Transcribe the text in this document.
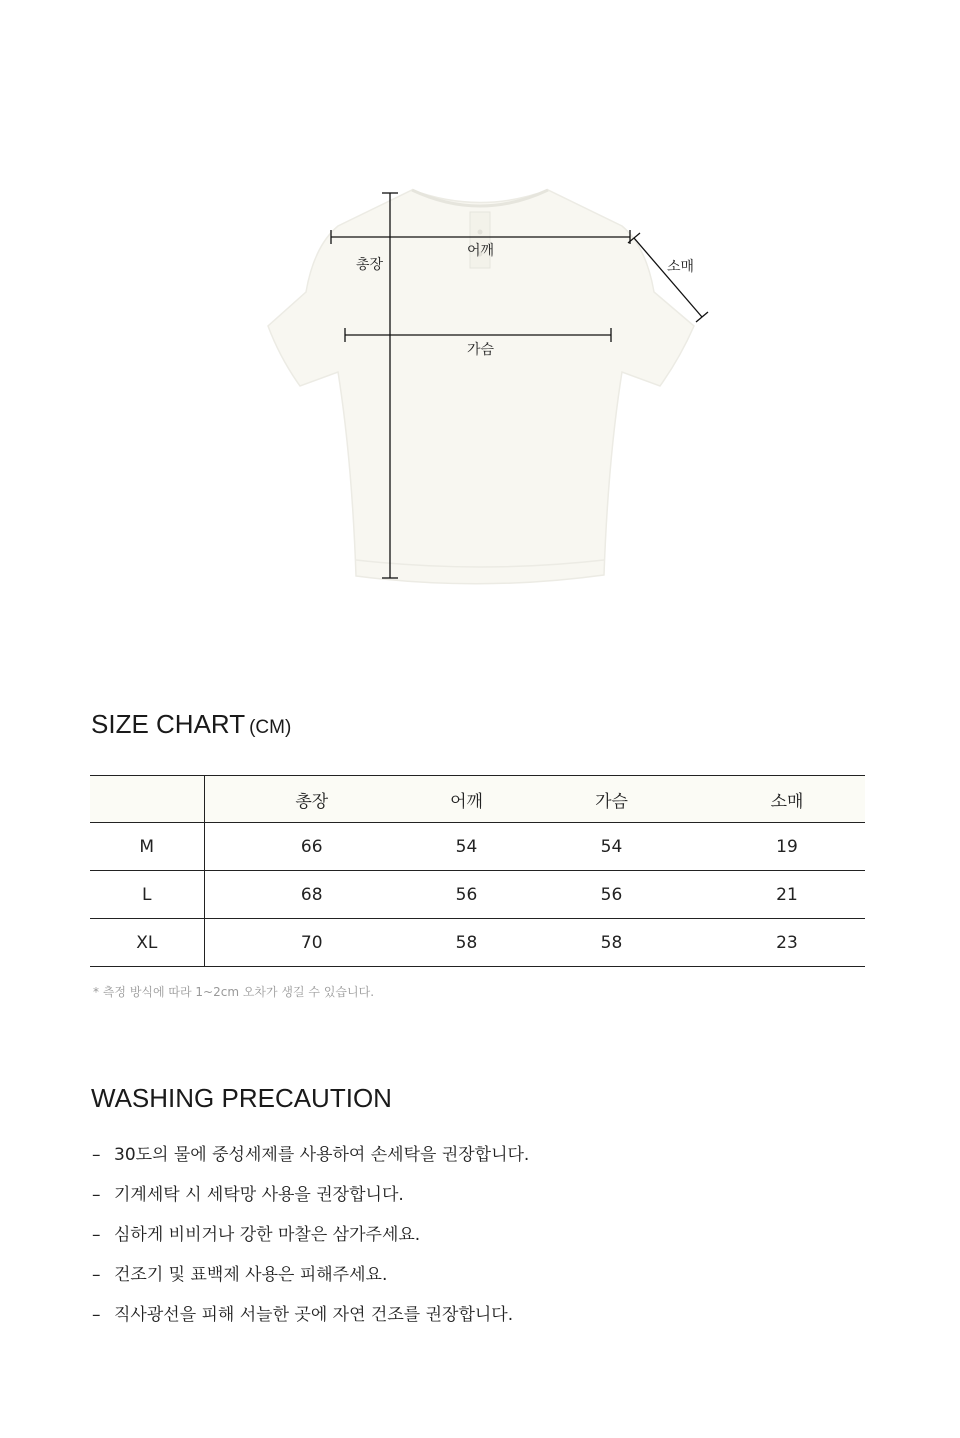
총장
어깨
소매
가슴
SIZE CHART (CM)
	총장	어깨	가슴	소매
M	66	54	54	19
L	68	56	56	21
XL	70	58	58	23

* 측정 방식에 따라 1~2cm 오차가 생길 수 있습니다.

WASHING PRECAUTION
– 30도의 물에 중성세제를 사용하여 손세탁을 권장합니다.
– 기계세탁 시 세탁망 사용을 권장합니다.
– 심하게 비비거나 강한 마찰은 삼가주세요.
– 건조기 및 표백제 사용은 피해주세요.
– 직사광선을 피해 서늘한 곳에 자연 건조를 권장합니다.
